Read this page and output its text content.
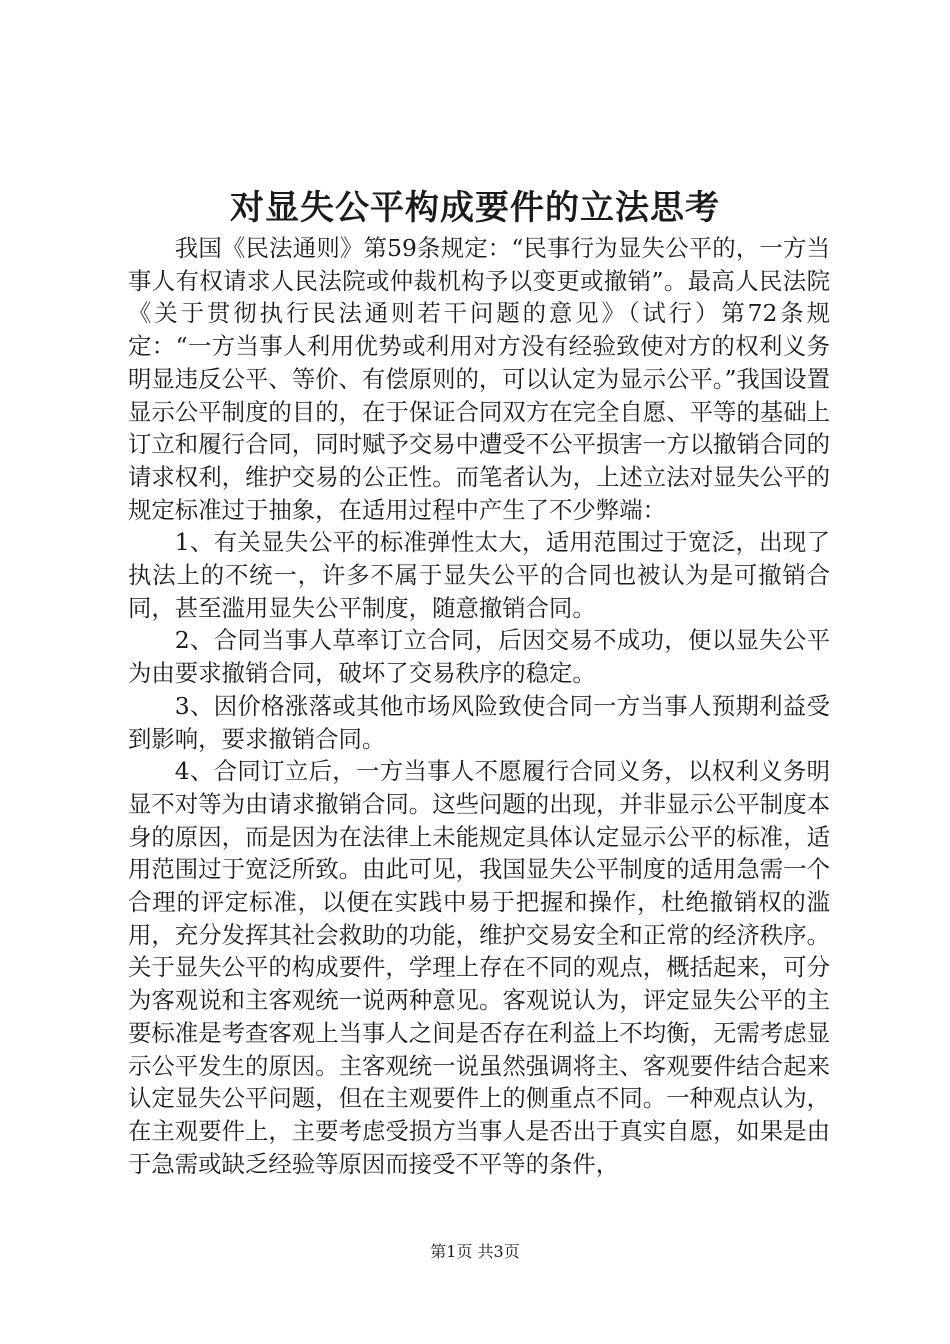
对显失公平构成要件的立法思考

我国《民法通则》第59条规定：“民事行为显失公平的，一方当事人有权请求人民法院或仲裁机构予以变更或撤销”。最高人民法院《关于贯彻执行民法通则若干问题的意见》（试行）第72条规定：“一方当事人利用优势或利用对方没有经验致使对方的权利义务明显违反公平、等价、有偿原则的，可以认定为显示公平。”我国设置显示公平制度的目的，在于保证合同双方在完全自愿、平等的基础上订立和履行合同，同时赋予交易中遭受不公平损害一方以撤销合同的请求权利，维护交易的公正性。而笔者认为，上述立法对显失公平的规定标准过于抽象，在适用过程中产生了不少弊端：

1、有关显失公平的标准弹性太大，适用范围过于宽泛，出现了执法上的不统一，许多不属于显失公平的合同也被认为是可撤销合同，甚至滥用显失公平制度，随意撤销合同。

2、合同当事人草率订立合同，后因交易不成功，便以显失公平为由要求撤销合同，破坏了交易秩序的稳定。

3、因价格涨落或其他市场风险致使合同一方当事人预期利益受到影响，要求撤销合同。

4、合同订立后，一方当事人不愿履行合同义务，以权利义务明显不对等为由请求撤销合同。这些问题的出现，并非显示公平制度本身的原因，而是因为在法律上未能规定具体认定显示公平的标准，适用范围过于宽泛所致。由此可见，我国显失公平制度的适用急需一个合理的评定标准，以便在实践中易于把握和操作，杜绝撤销权的滥用，充分发挥其社会救助的功能，维护交易安全和正常的经济秩序。关于显失公平的构成要件，学理上存在不同的观点，概括起来，可分为客观说和主客观统一说两种意见。客观说认为，评定显失公平的主要标准是考查客观上当事人之间是否存在利益上不均衡，无需考虑显示公平发生的原因。主客观统一说虽然强调将主、客观要件结合起来认定显失公平问题，但在主观要件上的侧重点不同。一种观点认为，在主观要件上，主要考虑受损方当事人是否出于真实自愿，如果是由于急需或缺乏经验等原因而接受不平等的条件，

第1页 共3页
